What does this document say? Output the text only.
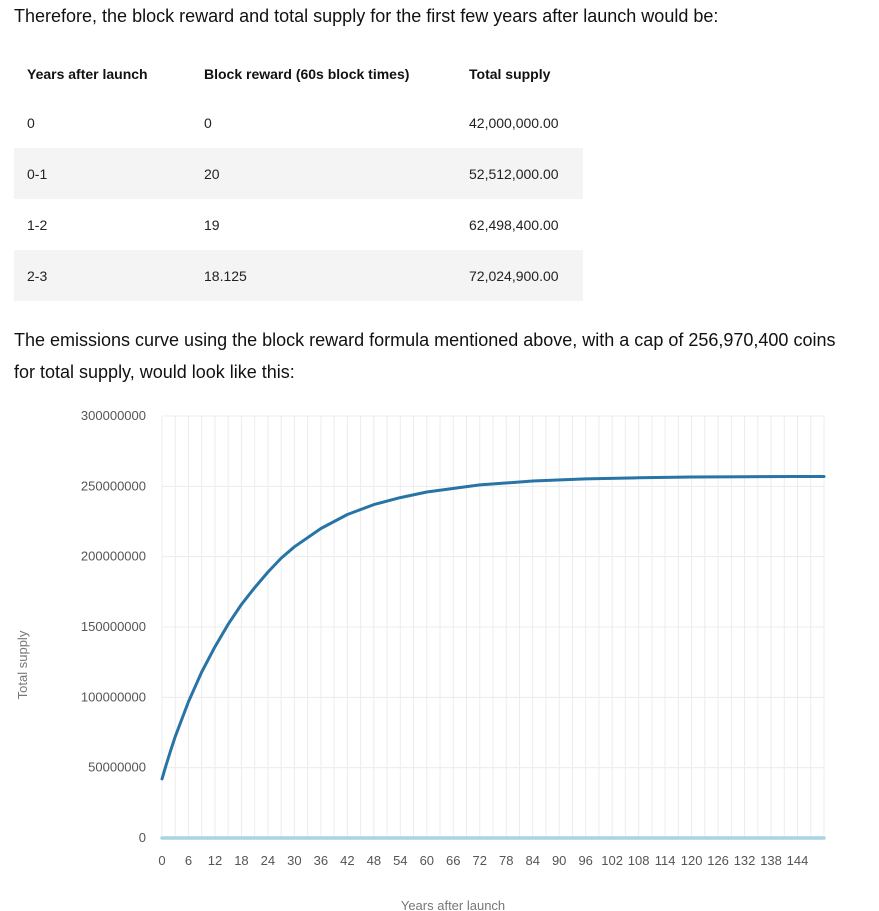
Therefore, the block reward and total supply for the first few years after launch would be:
Years after launch	Block reward (60s block times)	Total supply
0	0	42,000,000.00
0-1	20	52,512,000.00
1-2	19	62,498,400.00
2-3	18.125	72,024,900.00
The emissions curve using the block reward formula mentioned above, with a cap of 256,970,400 coins for total supply, would look like this:
0
50000000
100000000
150000000
200000000
250000000
300000000
0 6 12 18 24 30 36 42 48 54 60 66 72 78 84 90 96 102 108 114 120 126 132 138 144
Years after launch
Total supply
